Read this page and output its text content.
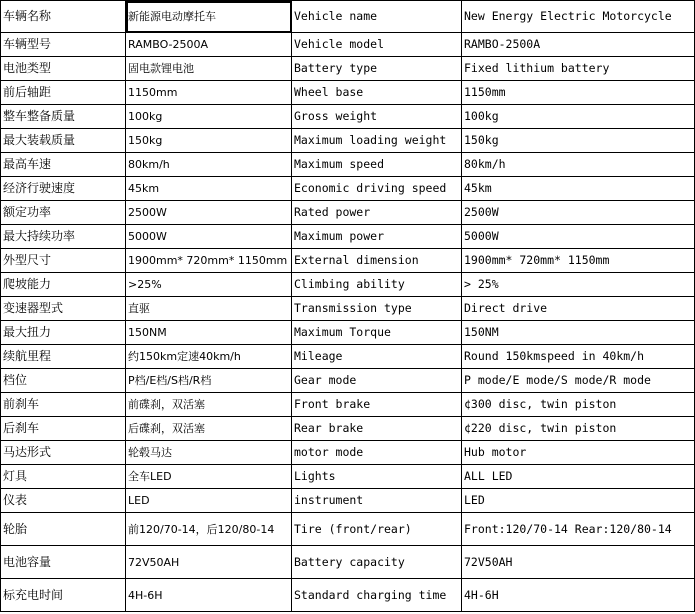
车辆名称	新能源电动摩托车	Vehicle name	New Energy Electric Motorcycle
车辆型号	RAMBO-2500A	Vehicle model	RAMBO-2500A
电池类型	固电款锂电池	Battery type	Fixed lithium battery
前后轴距	1150mm	Wheel base	1150mm
整车整备质量	100kg	Gross weight	100kg
最大装载质量	150kg	Maximum loading weight	150kg
最高车速	80km/h	Maximum speed	80km/h
经济行驶速度	45km	Economic driving speed	45km
额定功率	2500W	Rated power	2500W
最大持续功率	5000W	Maximum power	5000W
外型尺寸	1900mm* 720mm* 1150mm	External dimension	1900mm* 720mm* 1150mm
爬坡能力	>25%	Climbing ability	> 25%
变速器型式	直驱	Transmission type	Direct drive
最大扭力	150NM	Maximum Torque	150NM
续航里程	约150km定速40km/h	Mileage	Round 150kmspeed in 40km/h
档位	P档/E档/S档/R档	Gear mode	P mode/E mode/S mode/R mode
前刹车	前碟刹，双活塞	Front brake	¢300 disc, twin piston
后刹车	后碟刹，双活塞	Rear brake	¢220 disc, twin piston
马达形式	轮毂马达	motor mode	Hub motor
灯具	全车LED	Lights	ALL LED
仪表	LED	instrument	LED
轮胎	前120/70-14，后120/80-14	Tire (front/rear)	Front:120/70-14 Rear:120/80-14
电池容量	72V50AH	Battery capacity	72V50AH
标充电时间	4H-6H	Standard charging time	4H-6H
